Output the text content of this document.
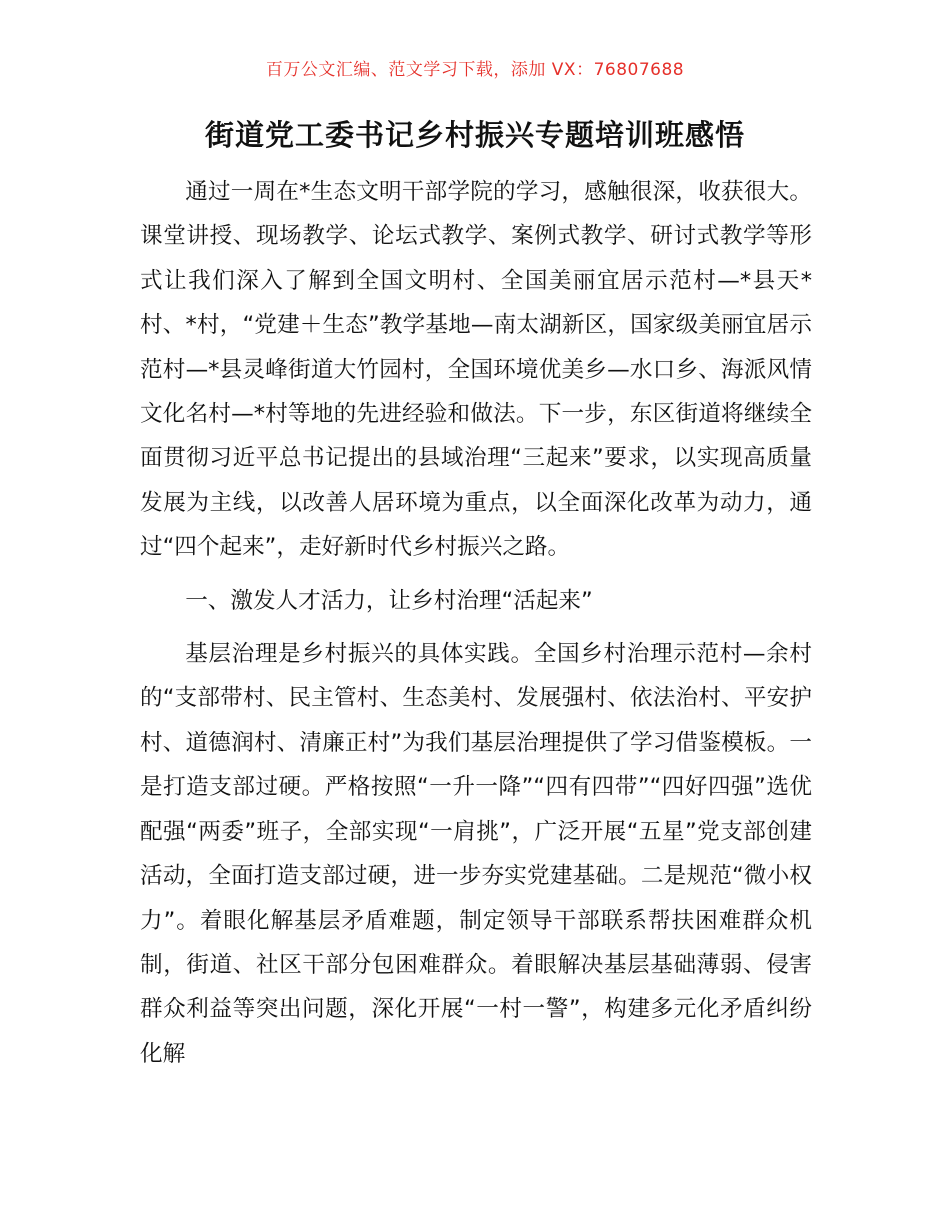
百万公文汇编、范文学习下载，添加 VX：76807688
街道党工委书记乡村振兴专题培训班感悟

通过一周在*生态文明干部学院的学习，感触很深，收获很大。课堂讲授、现场教学、论坛式教学、案例式教学、研讨式教学等形式让我们深入了解到全国文明村、全国美丽宜居示范村—*县天*村、*村，“党建＋生态”教学基地—南太湖新区，国家级美丽宜居示范村—*县灵峰街道大竹园村，全国环境优美乡—水口乡、海派风情文化名村—*村等地的先进经验和做法。下一步，东区街道将继续全面贯彻习近平总书记提出的县域治理“三起来”要求，以实现高质量发展为主线，以改善人居环境为重点，以全面深化改革为动力，通过“四个起来”，走好新时代乡村振兴之路。

一、激发人才活力，让乡村治理“活起来”

基层治理是乡村振兴的具体实践。全国乡村治理示范村—余村的“支部带村、民主管村、生态美村、发展强村、依法治村、平安护村、道德润村、清廉正村”为我们基层治理提供了学习借鉴模板。一是打造支部过硬。严格按照“一升一降”“四有四带”“四好四强”选优配强“两委”班子，全部实现“一肩挑”，广泛开展“五星”党支部创建活动，全面打造支部过硬，进一步夯实党建基础。二是规范“微小权力”。着眼化解基层矛盾难题，制定领导干部联系帮扶困难群众机制，街道、社区干部分包困难群众。着眼解决基层基础薄弱、侵害群众利益等突出问题，深化开展“一村一警”，构建多元化矛盾纠纷化解
